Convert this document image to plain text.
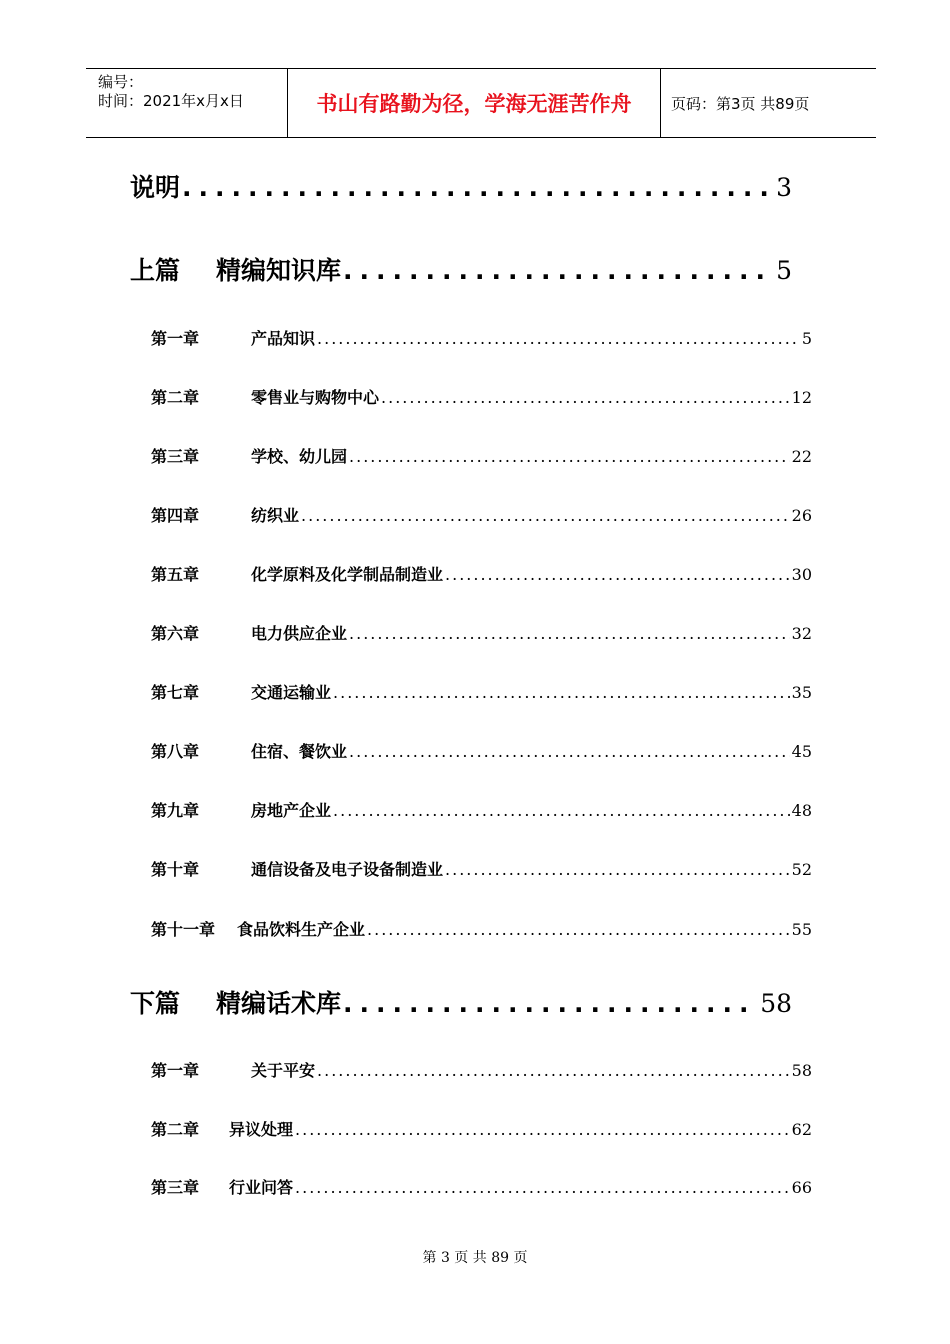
编号：
时间：2021年x月x日	书山有路勤为径，学海无涯苦作舟	页码：第3页 共89页
说明 .....	3
上篇	精编知识库 .....	5
第一章	产品知识 .....	5
第二章	零售业与购物中心 .....	12
第三章	学校、幼儿园 .....	22
第四章	纺织业 .....	26
第五章	化学原料及化学制品制造业 .....	30
第六章	电力供应企业 .....	32
第七章	交通运输业 .....	35
第八章	住宿、餐饮业 .....	45
第九章	房地产企业 .....	48
第十章	通信设备及电子设备制造业 .....	52
第十一章	食品饮料生产企业 .....	55
下篇	精编话术库 .....	58
第一章	关于平安 .....	58
第二章	异议处理 .....	62
第三章	行业问答 .....	66
第 3 页 共 89 页
